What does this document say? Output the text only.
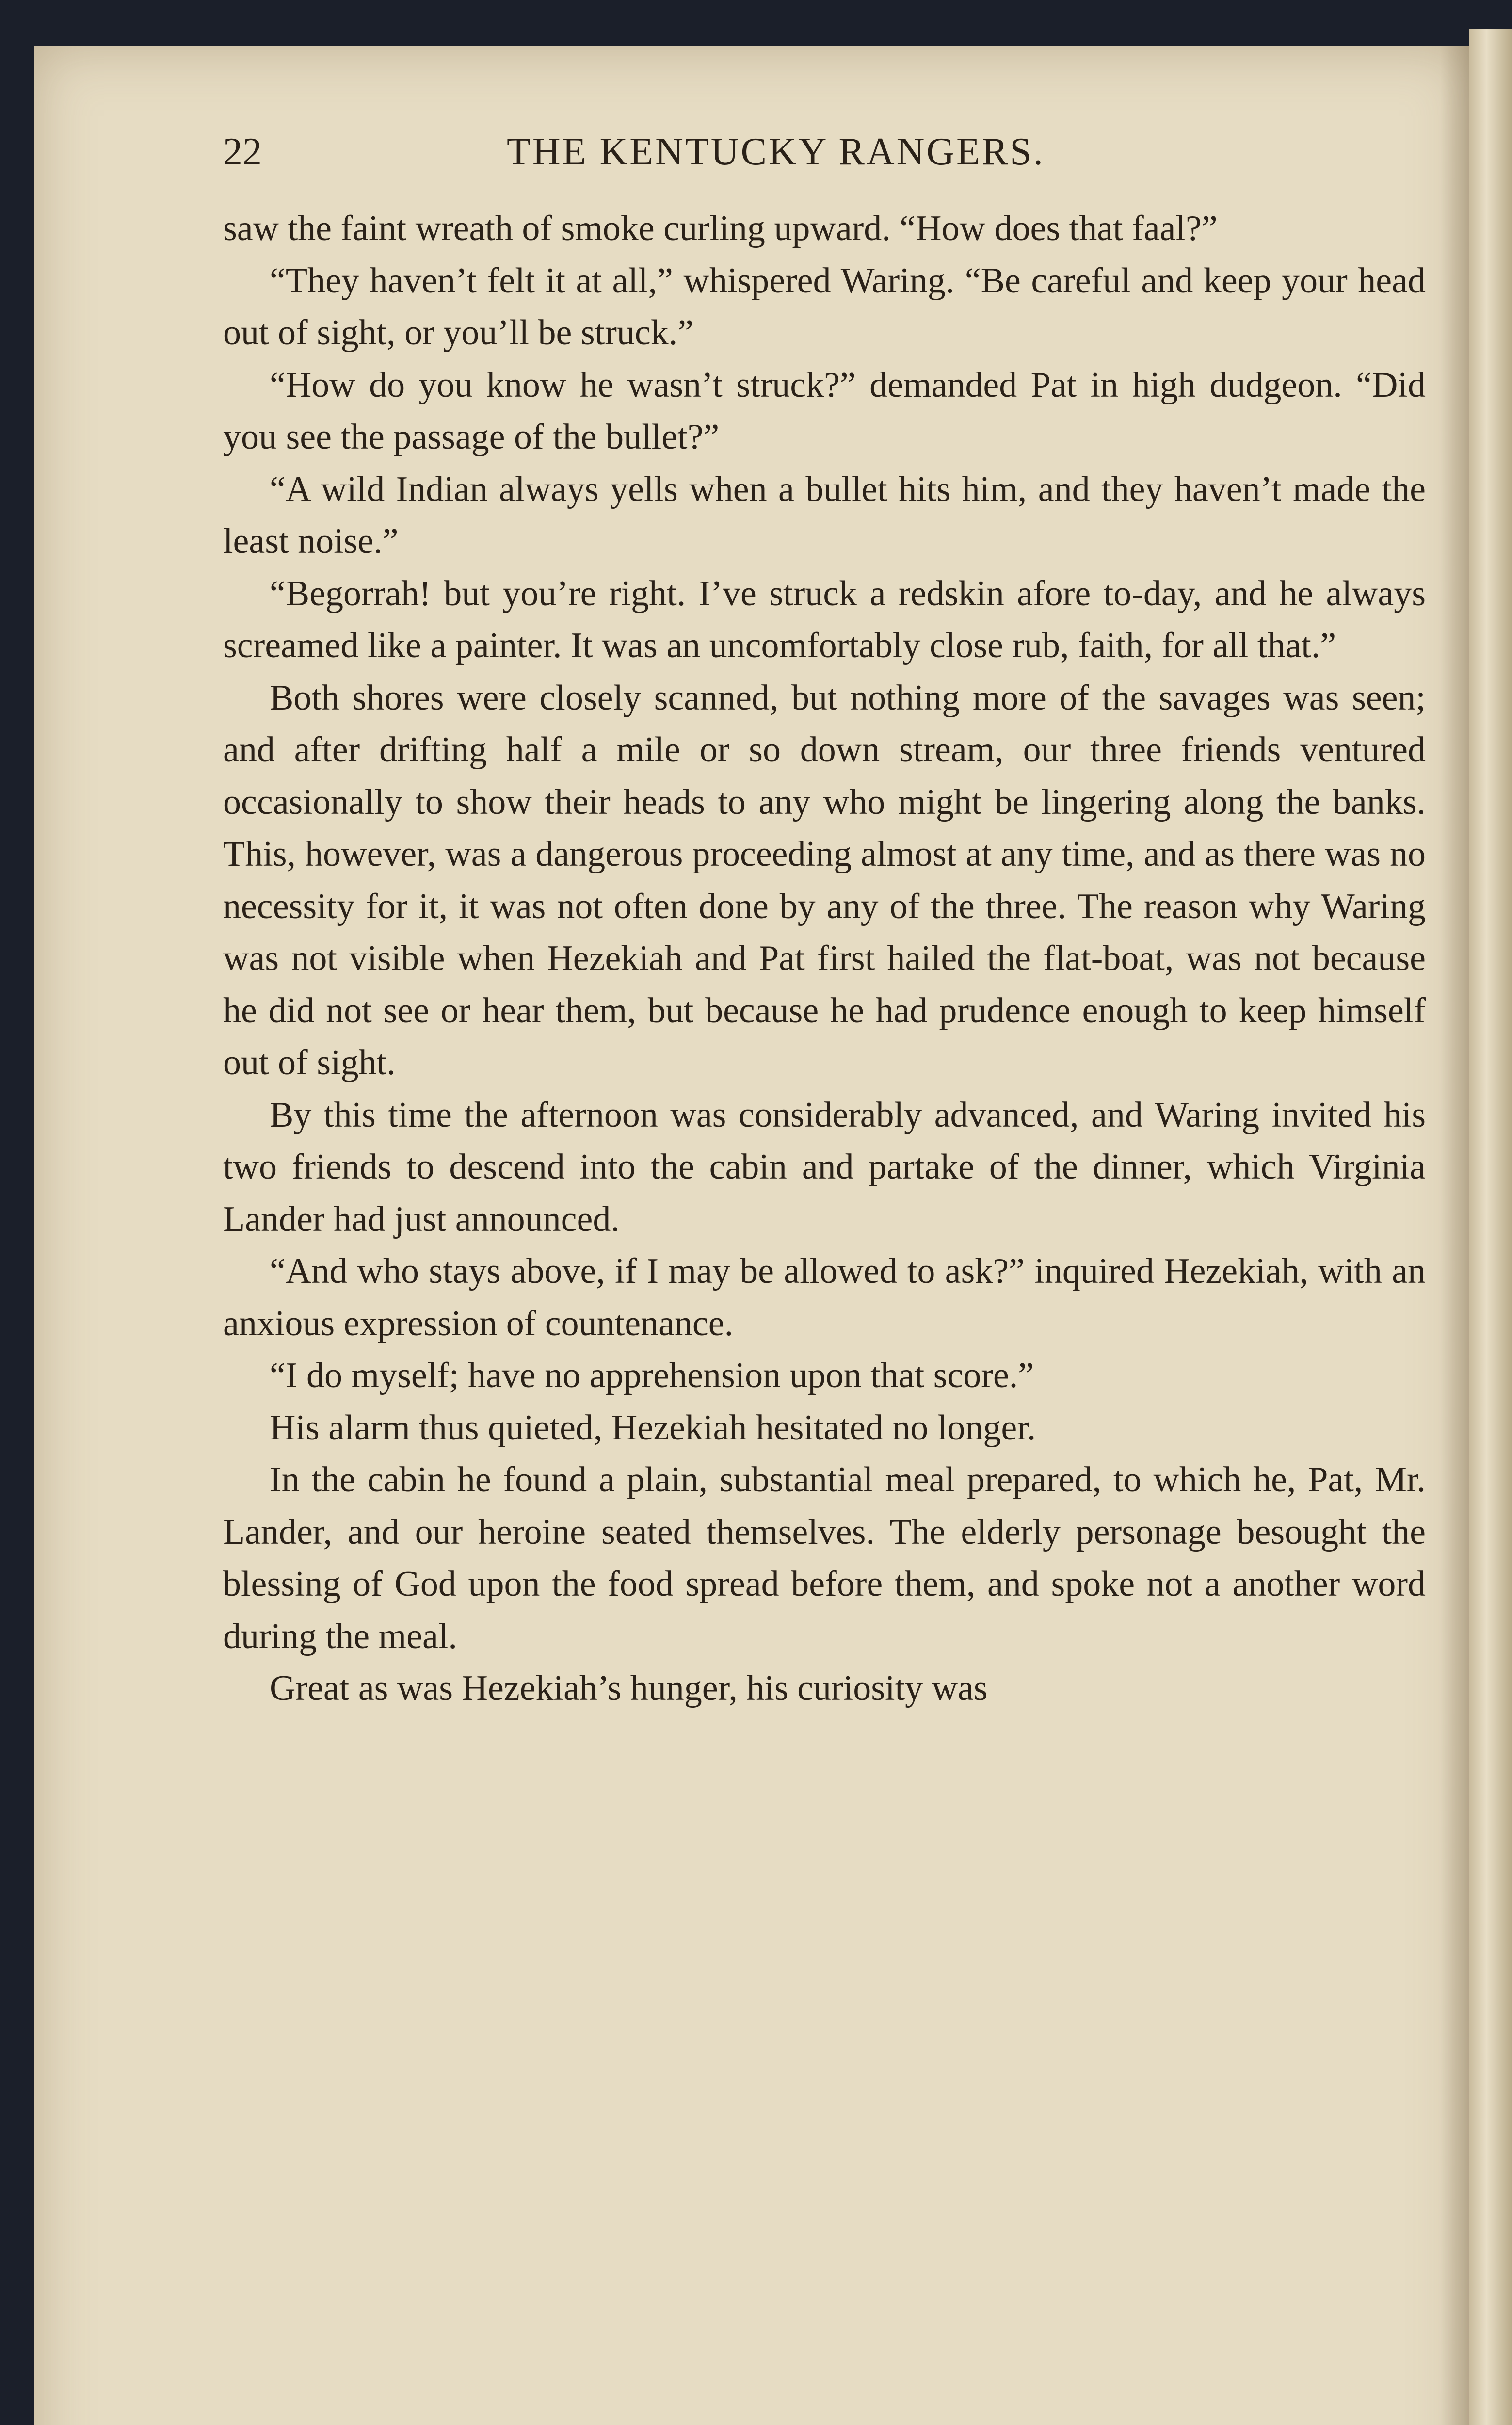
22	THE KENTUCKY RANGERS.

saw the faint wreath of smoke curling upward. “How does that faal?”

“They haven’t felt it at all,” whispered Waring. “Be careful and keep your head out of sight, or you’ll be struck.”

“How do you know he wasn’t struck?” demanded Pat in high dudgeon. “Did you see the passage of the bullet?”

“A wild Indian always yells when a bullet hits him, and they haven’t made the least noise.”

“Begorrah! but you’re right. I’ve struck a redskin afore to-day, and he always screamed like a painter. It was an uncomfortably close rub, faith, for all that.”

Both shores were closely scanned, but nothing more of the savages was seen; and after drifting half a mile or so down stream, our three friends ventured occasionally to show their heads to any who might be lingering along the banks. This, however, was a dangerous proceeding almost at any time, and as there was no necessity for it, it was not often done by any of the three. The reason why Waring was not visible when Hezekiah and Pat first hailed the flat-boat, was not because he did not see or hear them, but because he had prudence enough to keep himself out of sight.

By this time the afternoon was considerably advanced, and Waring invited his two friends to descend into the cabin and partake of the dinner, which Virginia Lander had just announced.

“And who stays above, if I may be allowed to ask?” inquired Hezekiah, with an anxious expression of countenance.

“I do myself; have no apprehension upon that score.”

His alarm thus quieted, Hezekiah hesitated no longer.

In the cabin he found a plain, substantial meal prepared, to which he, Pat, Mr. Lander, and our heroine seated themselves. The elderly personage besought the blessing of God upon the food spread before them, and spoke not a another word during the meal.

Great as was Hezekiah’s hunger, his curiosity was
